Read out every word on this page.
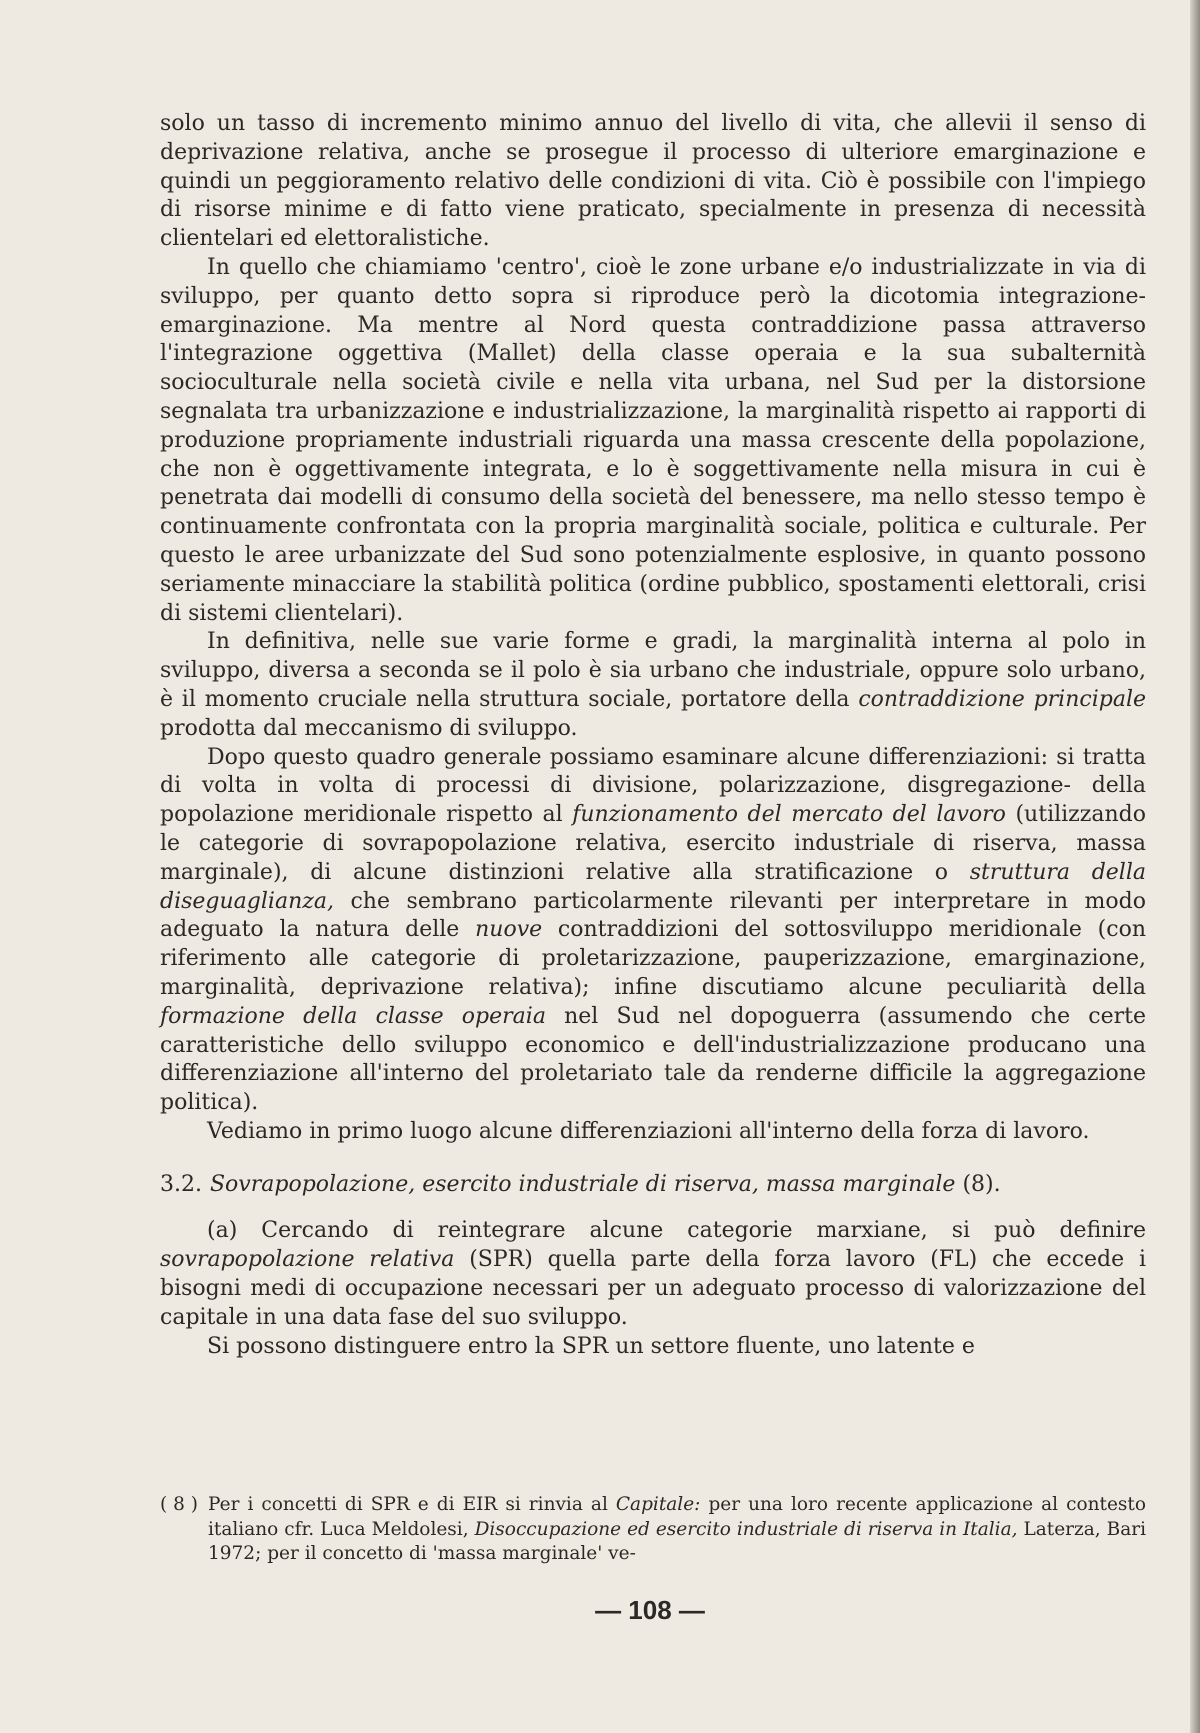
solo un tasso di incremento minimo annuo del livello di vita, che allevii il senso di deprivazione relativa, anche se prosegue il processo di ulteriore emarginazione e quindi un peggioramento relativo delle condizioni di vita. Ciò è possibile con l'impiego di risorse minime e di fatto viene praticato, specialmente in presenza di necessità clientelari ed elettoralistiche.

In quello che chiamiamo 'centro', cioè le zone urbane e/o industrializzate in via di sviluppo, per quanto detto sopra si riproduce però la dicotomia integrazione-emarginazione. Ma mentre al Nord questa contraddizione passa attraverso l'integrazione oggettiva (Mallet) della classe operaia e la sua subalternità socioculturale nella società civile e nella vita urbana, nel Sud per la distorsione segnalata tra urbanizzazione e industrializzazione, la marginalità rispetto ai rapporti di produzione propriamente industriali riguarda una massa crescente della popolazione, che non è oggettivamente integrata, e lo è soggettivamente nella misura in cui è penetrata dai modelli di consumo della società del benessere, ma nello stesso tempo è continuamente confrontata con la propria marginalità sociale, politica e culturale. Per questo le aree urbanizzate del Sud sono potenzialmente esplosive, in quanto possono seriamente minacciare la stabilità politica (ordine pubblico, spostamenti elettorali, crisi di sistemi clientelari).

In definitiva, nelle sue varie forme e gradi, la marginalità interna al polo in sviluppo, diversa a seconda se il polo è sia urbano che industriale, oppure solo urbano, è il momento cruciale nella struttura sociale, portatore della contraddizione principale prodotta dal meccanismo di sviluppo.

Dopo questo quadro generale possiamo esaminare alcune differenziazioni: si tratta di volta in volta di processi di divisione, polarizzazione, disgregazione- della popolazione meridionale rispetto al funzionamento del mercato del lavoro (utilizzando le categorie di sovrapopolazione relativa, esercito industriale di riserva, massa marginale), di alcune distinzioni relative alla stratificazione o struttura della diseguaglianza, che sembrano particolarmente rilevanti per interpretare in modo adeguato la natura delle nuove contraddizioni del sottosviluppo meridionale (con riferimento alle categorie di proletarizzazione, pauperizzazione, emarginazione, marginalità, deprivazione relativa); infine discutiamo alcune peculiarità della formazione della classe operaia nel Sud nel dopoguerra (assumendo che certe caratteristiche dello sviluppo economico e dell'industrializzazione producano una differenziazione all'interno del proletariato tale da renderne difficile la aggregazione politica).

Vediamo in primo luogo alcune differenziazioni all'interno della forza di lavoro.

3.2. Sovrapopolazione, esercito industriale di riserva, massa marginale (8).

(a) Cercando di reintegrare alcune categorie marxiane, si può definire sovrapopolazione relativa (SPR) quella parte della forza lavoro (FL) che eccede i bisogni medi di occupazione necessari per un adeguato processo di valorizzazione del capitale in una data fase del suo sviluppo.

Si possono distinguere entro la SPR un settore fluente, uno latente e

( 8 ) Per i concetti di SPR e di EIR si rinvia al Capitale: per una loro recente applicazione al contesto italiano cfr. Luca Meldolesi, Disoccupazione ed esercito industriale di riserva in Italia, Laterza, Bari 1972; per il concetto di 'massa marginale' ve-
— 108 —
